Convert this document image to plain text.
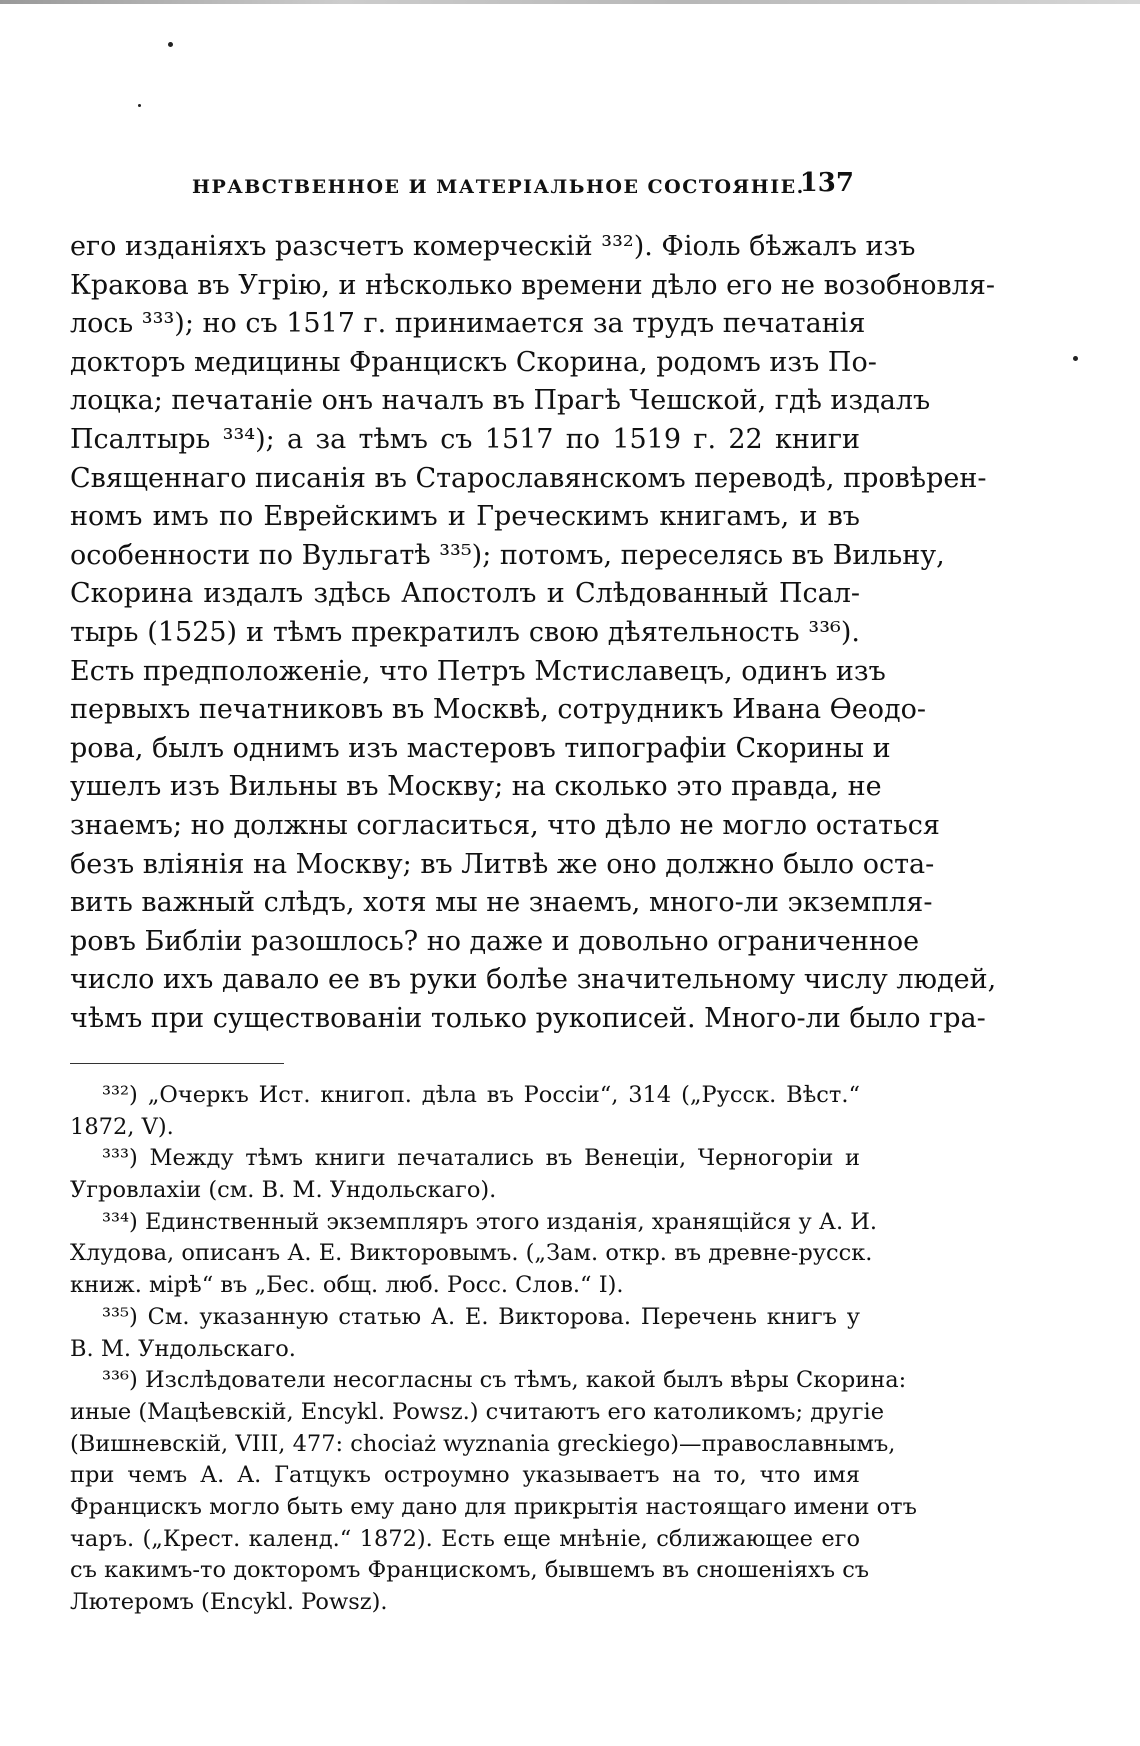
НРАВСТВЕННОЕ И МАТЕРІАЛЬНОЕ СОСТОЯНІЕ.
137
его изданіяхъ разсчетъ комерческій ³³²). Фіоль бѣжалъ изъ
Кракова въ Угрію, и нѣсколько времени дѣло его не возобновля-
лось ³³³); но съ 1517 г. принимается за трудъ печатанія
докторъ медицины Францискъ Скорина, родомъ изъ По-
лоцка; печатаніе онъ началъ въ Прагѣ Чешской, гдѣ издалъ
Псалтырь ³³⁴); а за тѣмъ съ 1517 по 1519 г. 22 книги
Священнаго писанія въ Старославянскомъ переводѣ, провѣрен-
номъ имъ по Еврейскимъ и Греческимъ книгамъ, и въ
особенности по Вульгатѣ ³³⁵); потомъ, переселясь въ Вильну,
Скорина издалъ здѣсь Апостолъ и Слѣдованный Псал-
тырь (1525) и тѣмъ прекратилъ свою дѣятельность ³³⁶).
Есть предположеніе, что Петръ Мстиславецъ, одинъ изъ
первыхъ печатниковъ въ Москвѣ, сотрудникъ Ивана Ѳеодо-
рова, былъ однимъ изъ мастеровъ типографіи Скорины и
ушелъ изъ Вильны въ Москву; на сколько это правда, не
знаемъ; но должны согласиться, что дѣло не могло остаться
безъ вліянія на Москву; въ Литвѣ же оно должно было оста-
вить важный слѣдъ, хотя мы не знаемъ, много-ли экземпля-
ровъ Библіи разошлось? но даже и довольно ограниченное
число ихъ давало ее въ руки болѣе значительному числу людей,
чѣмъ при существованіи только рукописей. Много-ли было гра-
³³²) „Очеркъ Ист. книгоп. дѣла въ Россіи“, 314 („Русск. Вѣст.“
1872, V).
³³³) Между тѣмъ книги печатались въ Венеціи, Черногоріи и
Угровлахіи (см. В. М. Ундольскаго).
³³⁴) Единственный экземпляръ этого изданія, хранящійся у А. И.
Хлудова, описанъ А. Е. Викторовымъ. („Зам. откр. въ древне-русск.
книж. мірѣ“ въ „Бес. общ. люб. Росс. Слов.“ I).
³³⁵) См. указанную статью А. Е. Викторова. Перечень книгъ у
В. М. Ундольскаго.
³³⁶) Изслѣдователи несогласны съ тѣмъ, какой былъ вѣры Скорина:
иные (Мацѣевскій, Encykl. Powsz.) считаютъ его католикомъ; другіе
(Вишневскій, VIII, 477: chociaż wyznania greckiego)—православнымъ,
при чемъ А. А. Гатцукъ остроумно указываетъ на то, что имя
Францискъ могло быть ему дано для прикрытія настоящаго имени отъ
чаръ. („Крест. календ.“ 1872). Есть еще мнѣніе, сближающее его
съ какимъ-то докторомъ Францискомъ, бывшемъ въ сношеніяхъ съ
Лютеромъ (Encykl. Powsz).
